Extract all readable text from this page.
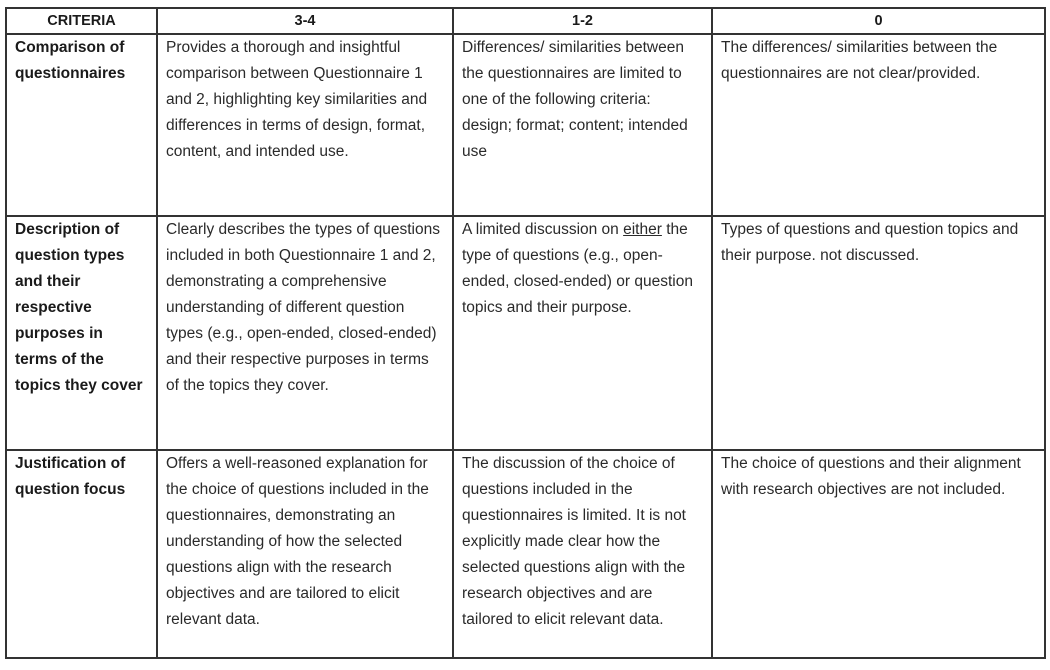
CRITERIA	3-4	1-2	0
Comparison of questionnaires	Provides a thorough and insightful comparison between Questionnaire 1 and 2, highlighting key similarities and differences in terms of design, format, content, and intended use.	Differences/ similarities between the questionnaires are limited to one of the following criteria: design; format; content; intended use	The differences/ similarities between the questionnaires are not clear/provided.
Description of question types and their respective purposes in terms of the topics they cover	Clearly describes the types of questions included in both Questionnaire 1 and 2, demonstrating a comprehensive understanding of different question types (e.g., open-ended, closed-ended) and their respective purposes in terms of the topics they cover.	A limited discussion on either the type of questions (e.g., open-ended, closed-ended) or question topics and their purpose.	Types of questions and question topics and their purpose. not discussed.
Justification of question focus	Offers a well-reasoned explanation for the choice of questions included in the questionnaires, demonstrating an understanding of how the selected questions align with the research objectives and are tailored to elicit relevant data.	The discussion of the choice of questions included in the questionnaires is limited. It is not explicitly made clear how the selected questions align with the research objectives and are tailored to elicit relevant data.	The choice of questions and their alignment with research objectives are not included.
